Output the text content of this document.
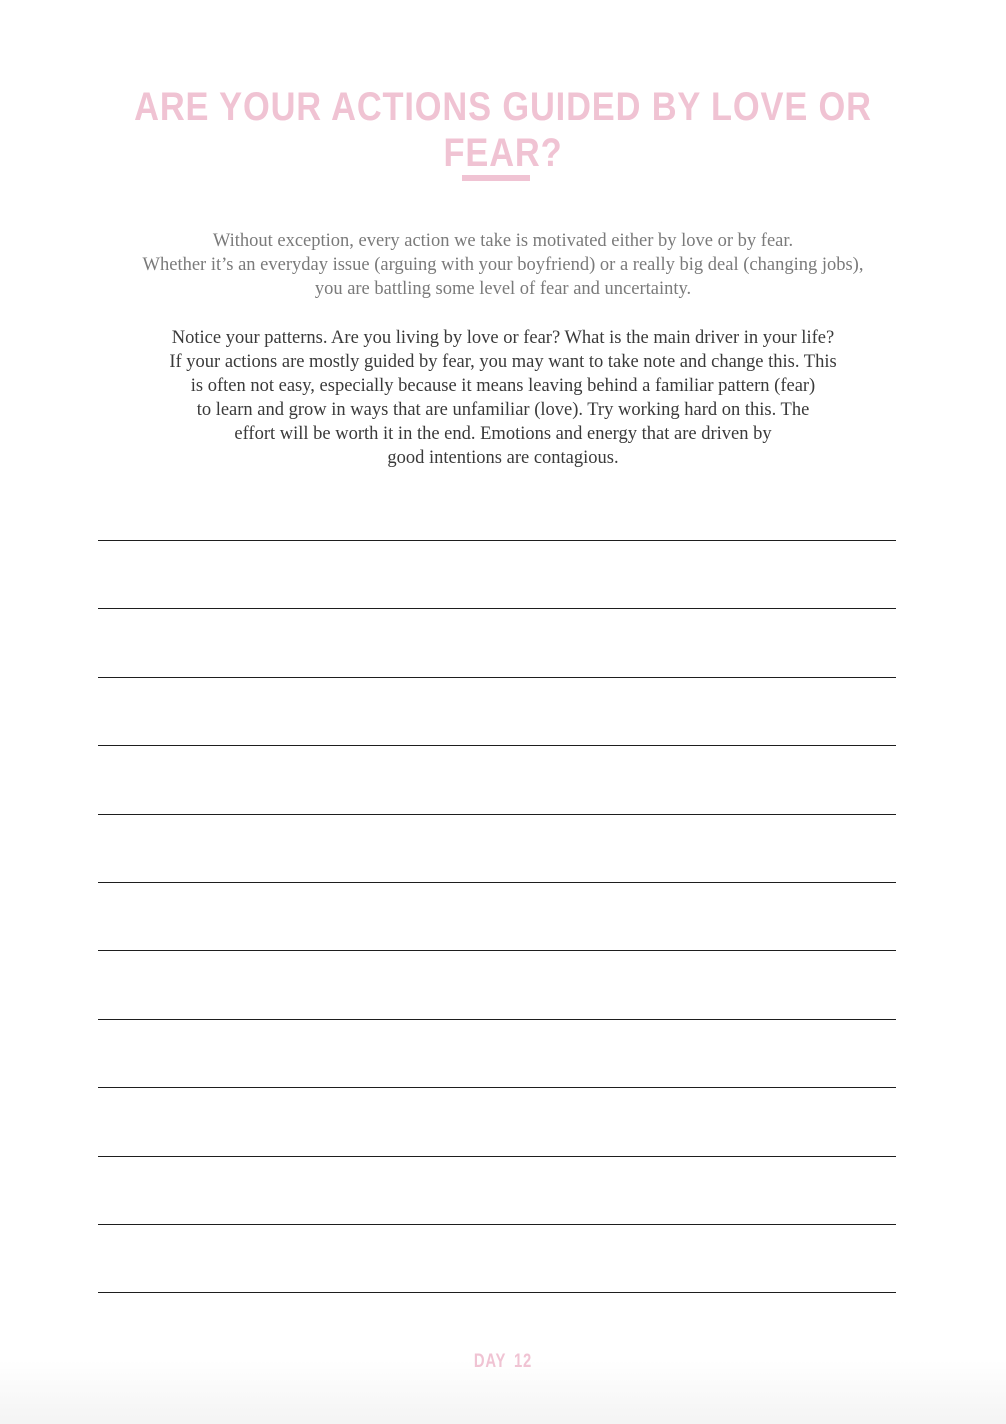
ARE YOUR ACTIONS GUIDED BY LOVE OR FEAR?

Without exception, every action we take is motivated either by love or by fear.
Whether it’s an everyday issue (arguing with your boyfriend) or a really big deal (changing jobs),
you are battling some level of fear and uncertainty.

Notice your patterns. Are you living by love or fear? What is the main driver in your life?
If your actions are mostly guided by fear, you may want to take note and change this. This
is often not easy, especially because it means leaving behind a familiar pattern (fear)
to learn and grow in ways that are unfamiliar (love). Try working hard on this. The
effort will be worth it in the end. Emotions and energy that are driven by
good intentions are contagious.

DAY 12
